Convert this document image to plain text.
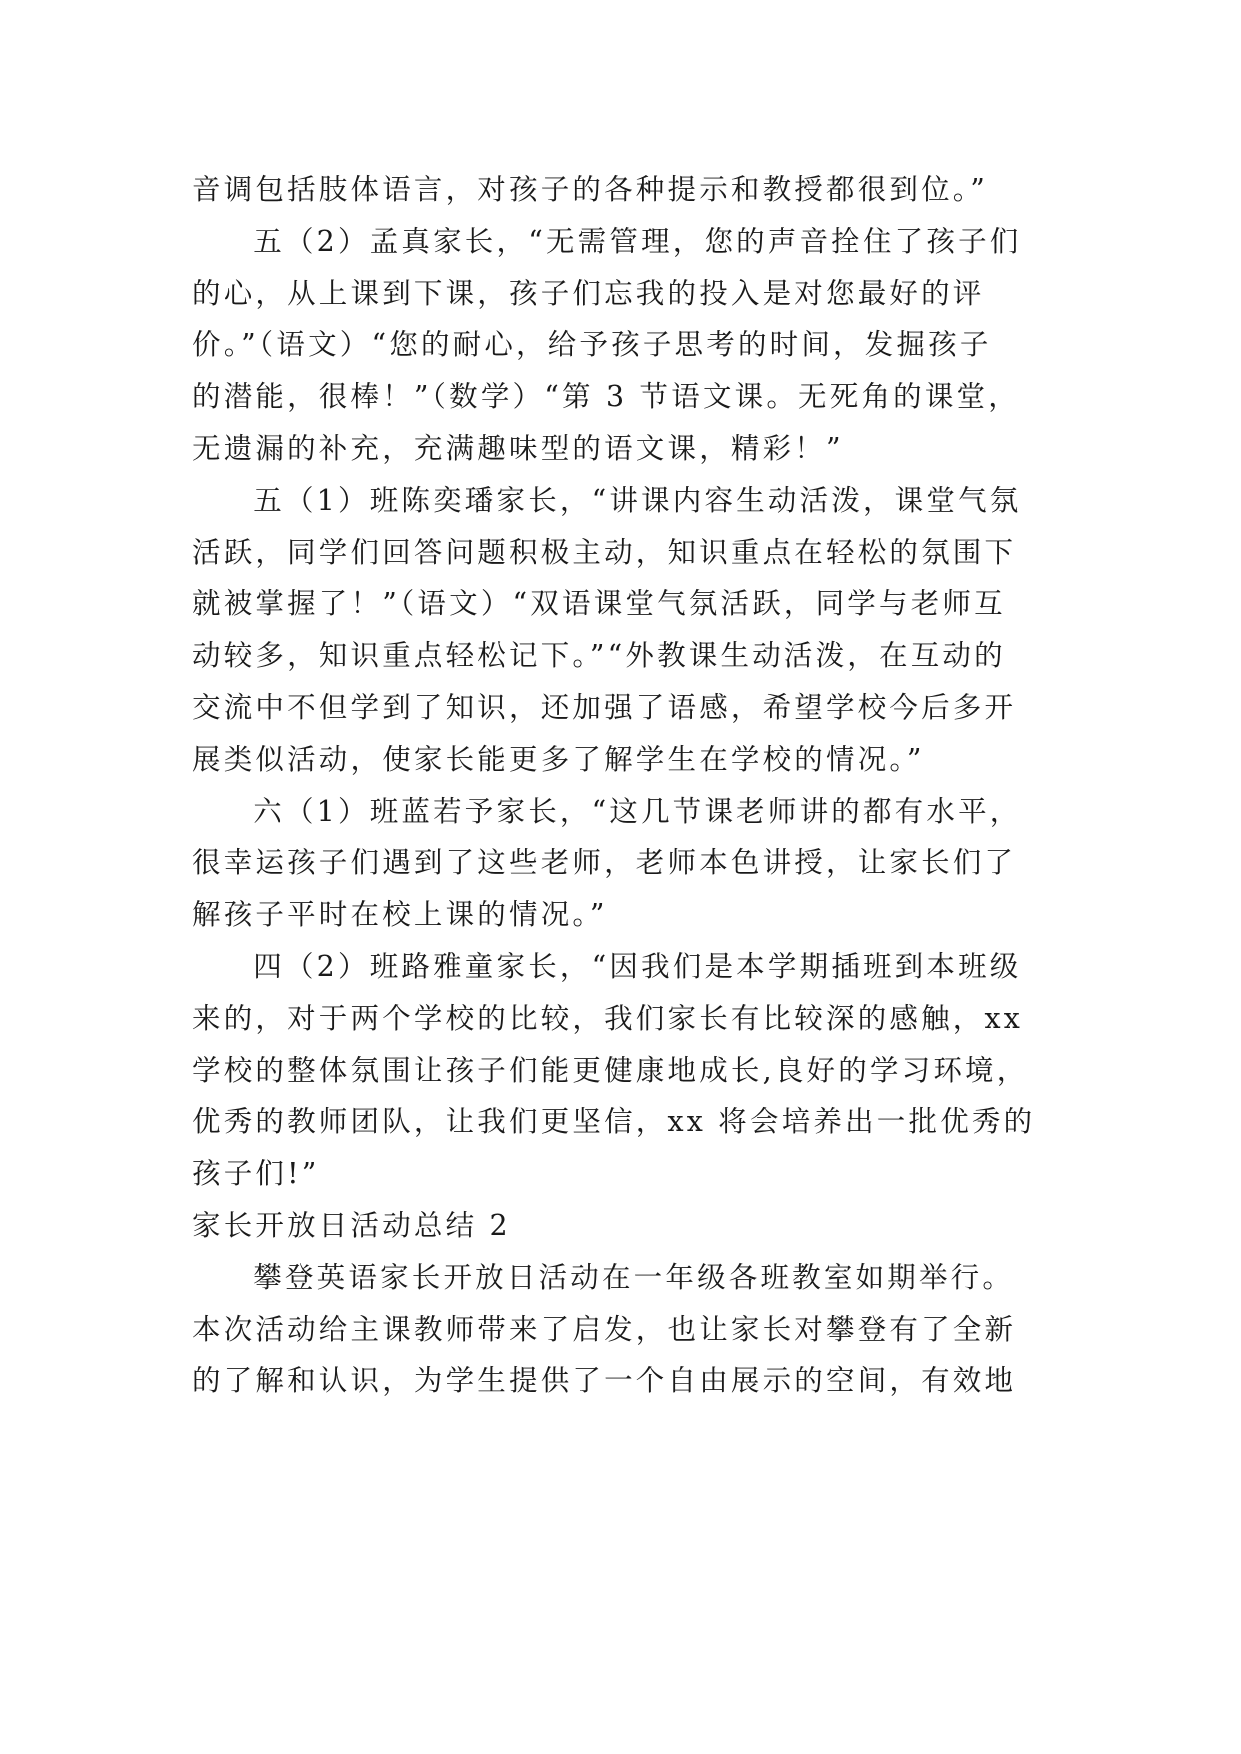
音调包括肢体语言，对孩子的各种提示和教授都很到位。”
五（2）孟真家长，“无需管理，您的声音拴住了孩子们
的心，从上课到下课，孩子们忘我的投入是对您最好的评
价。”（语文）“您的耐心，给予孩子思考的时间，发掘孩子
的潜能，很棒！”（数学）“第 3 节语文课。无死角的课堂，
无遗漏的补充，充满趣味型的语文课，精彩！”
五（1）班陈奕璠家长，“讲课内容生动活泼，课堂气氛
活跃，同学们回答问题积极主动，知识重点在轻松的氛围下
就被掌握了！”（语文）“双语课堂气氛活跃，同学与老师互
动较多，知识重点轻松记下。”“外教课生动活泼，在互动的
交流中不但学到了知识，还加强了语感，希望学校今后多开
展类似活动，使家长能更多了解学生在学校的情况。”
六（1）班蓝若予家长，“这几节课老师讲的都有水平，
很幸运孩子们遇到了这些老师，老师本色讲授，让家长们了
解孩子平时在校上课的情况。”
四（2）班路雅童家长，“因我们是本学期插班到本班级
来的，对于两个学校的比较，我们家长有比较深的感触，xx
学校的整体氛围让孩子们能更健康地成长,良好的学习环境，
优秀的教师团队，让我们更坚信，xx 将会培养出一批优秀的
孩子们!”
家长开放日活动总结 2
攀登英语家长开放日活动在一年级各班教室如期举行。
本次活动给主课教师带来了启发，也让家长对攀登有了全新
的了解和认识，为学生提供了一个自由展示的空间，有效地
